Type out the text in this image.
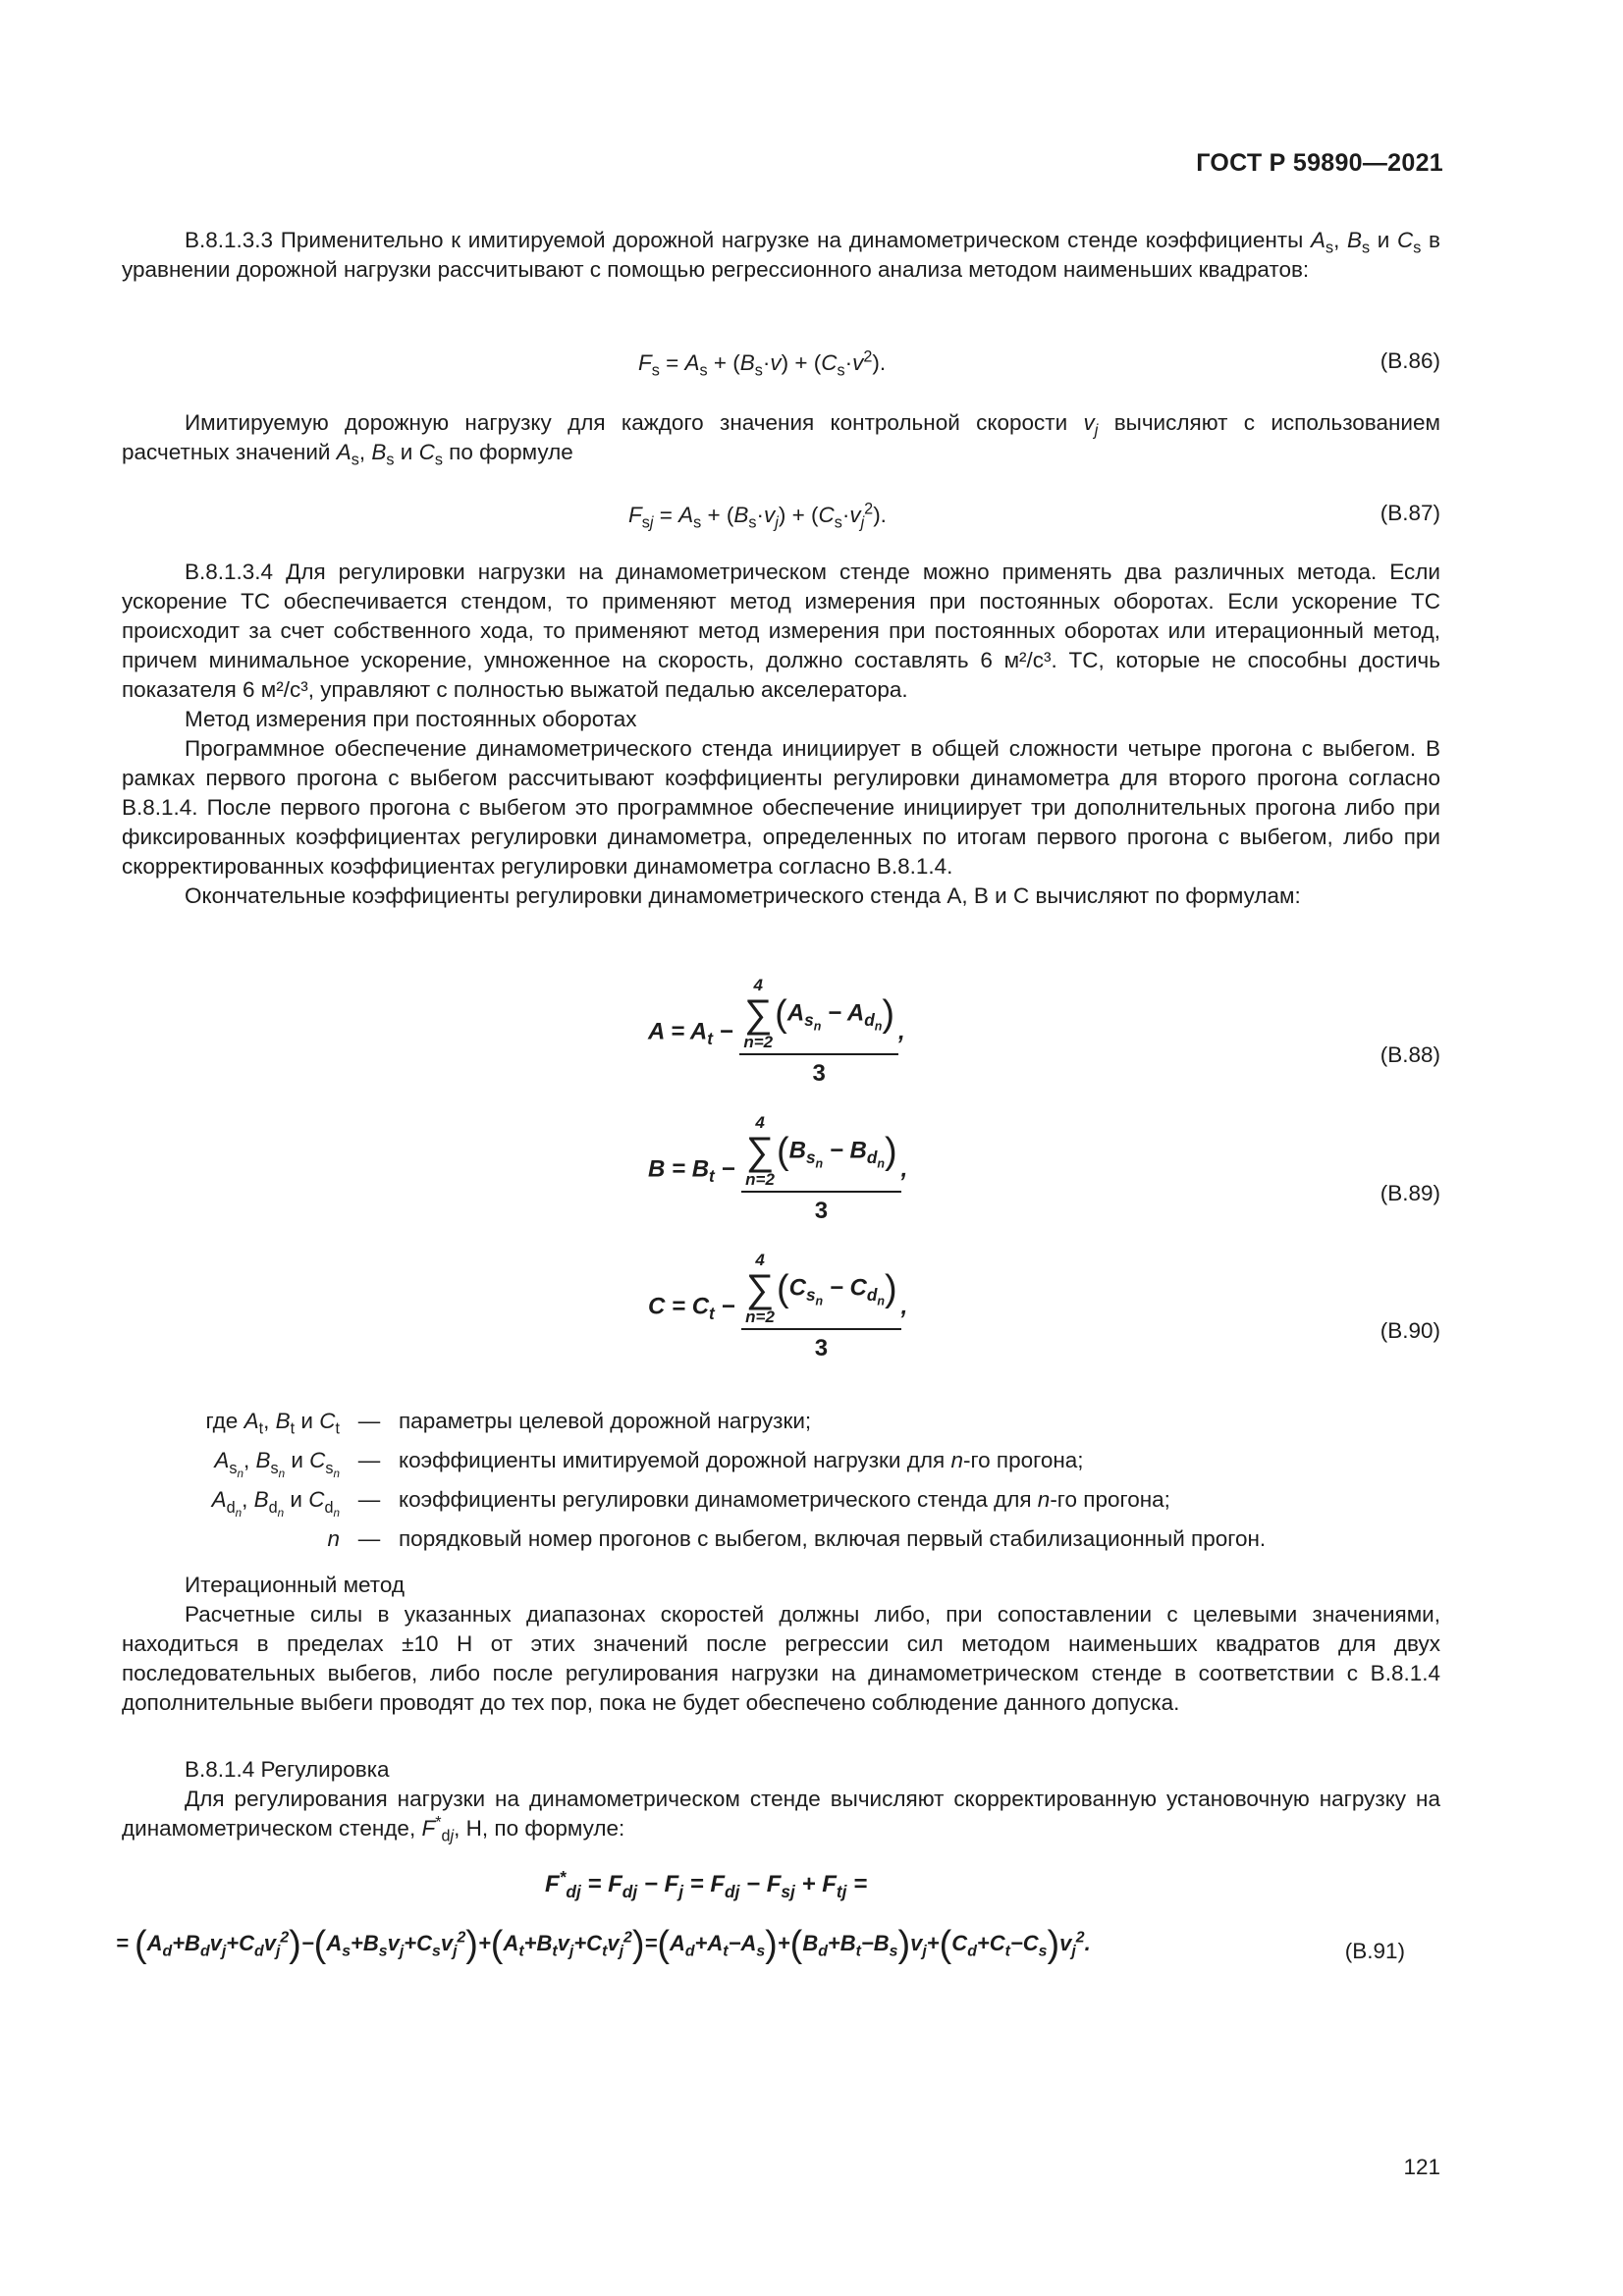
ГОСТ Р 59890—2021

В.8.1.3.3 Применительно к имитируемой дорожной нагрузке на динамометрическом стенде коэффициенты $A_s$, $B_s$ и $C_s$ в уравнении дорожной нагрузки рассчитывают с помощью регрессионного анализа методом наименьших квадратов:

$F_s = A_s + (B_s\cdot v) + (C_s\cdot v^2)$.	(В.86)

Имитируемую дорожную нагрузку для каждого значения контрольной скорости $v_j$ вычисляют с использованием расчетных значений $A_s$, $B_s$ и $C_s$ по формуле

$F_{sj} = A_s + (B_s\cdot v_j) + (C_s\cdot v_j^2)$.	(В.87)

В.8.1.3.4 Для регулировки нагрузки на динамометрическом стенде можно применять два различных метода. Если ускорение ТС обеспечивается стендом, то применяют метод измерения при постоянных оборотах. Если ускорение ТС происходит за счет собственного хода, то применяют метод измерения при постоянных оборотах или итерационный метод, причем минимальное ускорение, умноженное на скорость, должно составлять 6 м²/с³. ТС, которые не способны достичь показателя 6 м²/с³, управляют с полностью выжатой педалью акселератора.

Метод измерения при постоянных оборотах

Программное обеспечение динамометрического стенда инициирует в общей сложности четыре прогона с выбегом. В рамках первого прогона с выбегом рассчитывают коэффициенты регулировки динамометра для второго прогона согласно В.8.1.4. После первого прогона с выбегом это программное обеспечение инициирует три дополнительных прогона либо при фиксированных коэффициентах регулировки динамометра, определенных по итогам первого прогона с выбегом, либо при скорректированных коэффициентах регулировки динамометра согласно В.8.1.4.

Окончательные коэффициенты регулировки динамометрического стенда A, B и C вычисляют по формулам:

$A = A_t - 4$
∑
n=2
$(A_{s_n} - A_{d_n})$
3 ,
(В.88)
$B = B_t - 4$
∑
n=2
$(B_{s_n} - B_{d_n})$
3 ,
(В.89)
$C = C_t - 4$
∑
n=2
$(C_{s_n} - C_{d_n})$
3 ,
(В.90)
где $A_t$, $B_t$ и $C_t$ — параметры целевой дорожной нагрузки;
$A_{s_n}$, $B_{s_n}$ и $C_{s_n}$
— коэффициенты имитируемой дорожной нагрузки для n-го прогона;
$A_{d_n}$, $B_{d_n}$ и $C_{d_n}$
— коэффициенты регулировки динамометрического стенда для n-го прогона;
n — порядковый номер прогонов с выбегом, включая первый стабилизационный прогон.

Итерационный метод

Расчетные силы в указанных диапазонах скоростей должны либо, при сопоставлении с целевыми значениями, находиться в пределах ±10 Н от этих значений после регрессии сил методом наименьших квадратов для двух последовательных выбегов, либо после регулирования нагрузки на динамометрическом стенде в соответствии с В.8.1.4 дополнительные выбеги проводят до тех пор, пока не будет обеспечено соблюдение данного допуска.

В.8.1.4 Регулировка

Для регулирования нагрузки на динамометрическом стенде вычисляют скорректированную установочную нагрузку на динамометрическом стенде, $F^*_{dj}$, Н, по формуле:

$F^*_{dj} = F_{dj} - F_j = F_{dj} - F_{sj} + F_{tj}$ =
= $(A_d+B_dv_j+C_dv_j^2)-(A_s+B_sv_j+C_sv_j^2)+(A_t+B_tv_j+C_tv_j^2)=(A_d+A_t-A_s)+(B_d+B_t-B_s)v_j+(C_d+C_t-C_s)v_j^2$.	(В.91)
121
